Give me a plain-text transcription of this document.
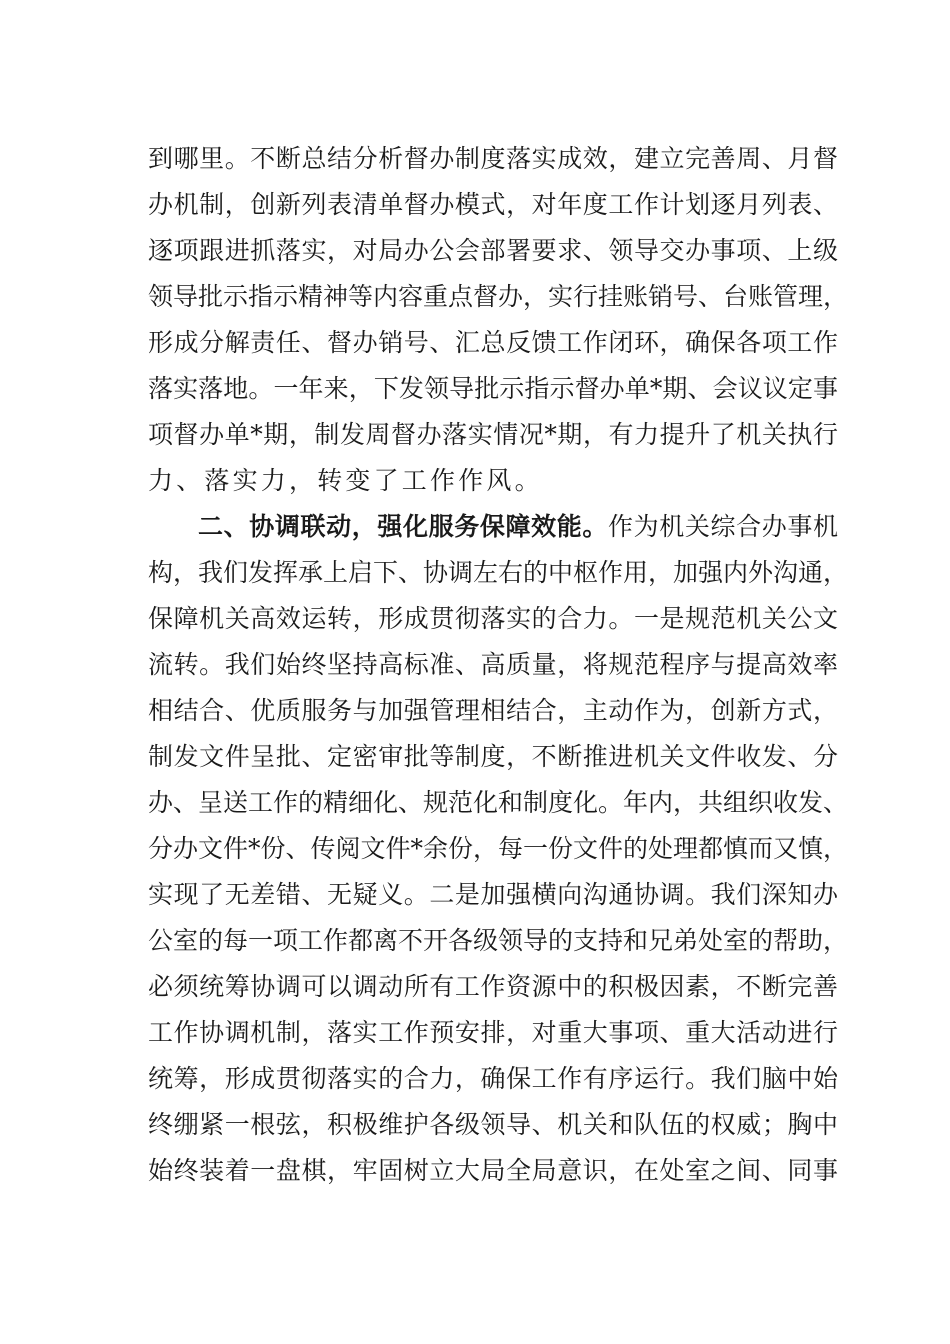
到哪里。不断总结分析督办制度落实成效，建立完善周、月督
办机制，创新列表清单督办模式，对年度工作计划逐月列表、
逐项跟进抓落实，对局办公会部署要求、领导交办事项、上级
领导批示指示精神等内容重点督办，实行挂账销号、台账管理，
形成分解责任、督办销号、汇总反馈工作闭环，确保各项工作
落实落地。一年来，下发领导批示指示督办单*期、会议议定事
项督办单*期，制发周督办落实情况*期，有力提升了机关执行
力、落实力，转变了工作作风。
二、协调联动，强化服务保障效能。作为机关综合办事机
构，我们发挥承上启下、协调左右的中枢作用，加强内外沟通，
保障机关高效运转，形成贯彻落实的合力。一是规范机关公文
流转。我们始终坚持高标准、高质量，将规范程序与提高效率
相结合、优质服务与加强管理相结合，主动作为，创新方式，
制发文件呈批、定密审批等制度，不断推进机关文件收发、分
办、呈送工作的精细化、规范化和制度化。年内，共组织收发、
分办文件*份、传阅文件*余份，每一份文件的处理都慎而又慎，
实现了无差错、无疑义。二是加强横向沟通协调。我们深知办
公室的每一项工作都离不开各级领导的支持和兄弟处室的帮助，
必须统筹协调可以调动所有工作资源中的积极因素，不断完善
工作协调机制，落实工作预安排，对重大事项、重大活动进行
统筹，形成贯彻落实的合力，确保工作有序运行。我们脑中始
终绷紧一根弦，积极维护各级领导、机关和队伍的权威；胸中
始终装着一盘棋，牢固树立大局全局意识，在处室之间、同事
